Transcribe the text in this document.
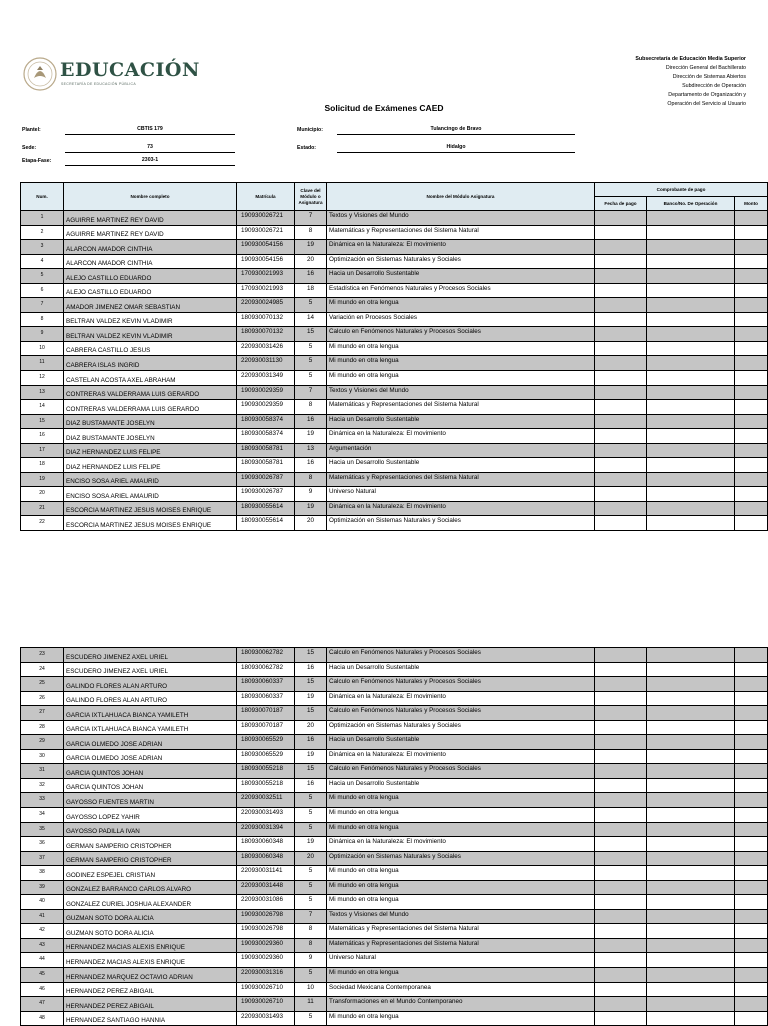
EDUCACIÓN
SECRETARÍA DE EDUCACIÓN PÚBLICA
Subsecretaría de Educación Media Superior
Dirección General del Bachillerato
Dirección de Sistemas Abiertos
Subdirección de Operación
Departamento de Organización y
Operación del Servicio al Usuario
Solicitud de Exámenes CAED
Plantel:	CBTIS 179
Sede:	73
Etapa-Fase:	2303-1
Municipio:	Tulancingo de Bravo
Estado:	Hidalgo
Num.	Nombre completo	Matrícula	Clave del Módulo o Asignatura	Nombre del Módulo Asignatura	Comprobante de pago		
					Fecha de pago	Banco/No. De Operación	Monto
1	AGUIRRE MARTINEZ REY DAVID	190930026721	7	Textos y Visiones del Mundo			
2	AGUIRRE MARTINEZ REY DAVID	190930026721	8	Matemáticas y Representaciones del Sistema Natural			
3	ALARCON AMADOR CINTHIA	190930054156	19	Dinámica en la Naturaleza: El movimiento			
4	ALARCON AMADOR CINTHIA	190930054156	20	Optimización en Sistemas Naturales y Sociales			
5	ALEJO CASTILLO EDUARDO	170930021993	16	Hacia un Desarrollo Sustentable			
6	ALEJO CASTILLO EDUARDO	170930021993	18	Estadística en Fenómenos Naturales y Procesos Sociales			
7	AMADOR JIMENEZ OMAR SEBASTIAN	220930024985	5	Mi mundo en otra lengua			
8	BELTRAN VALDEZ KEVIN VLADIMIR	180930070132	14	Variación en Procesos Sociales			
9	BELTRAN VALDEZ KEVIN VLADIMIR	180930070132	15	Calculo en Fenómenos Naturales y Procesos Sociales			
10	CABRERA CASTILLO JESUS	220930031426	5	Mi mundo en otra lengua			
11	CABRERA ISLAS INGRID	220930031130	5	Mi mundo en otra lengua			
12	CASTELAN ACOSTA AXEL ABRAHAM	220930031349	5	Mi mundo en otra lengua			
13	CONTRERAS VALDERRAMA LUIS GERARDO	190930029359	7	Textos y Visiones del Mundo			
14	CONTRERAS VALDERRAMA LUIS GERARDO	190930029359	8	Matemáticas y Representaciones del Sistema Natural			
15	DIAZ BUSTAMANTE JOSELYN	180930058374	16	Hacia un Desarrollo Sustentable			
16	DIAZ BUSTAMANTE JOSELYN	180930058374	19	Dinámica en la Naturaleza: El movimiento			
17	DIAZ HERNANDEZ LUIS FELIPE	180930058781	13	Argumentación			
18	DIAZ HERNANDEZ LUIS FELIPE	180930058781	16	Hacia un Desarrollo Sustentable			
19	ENCISO SOSA ARIEL AMAURID	190930026787	8	Matemáticas y Representaciones del Sistema Natural			
20	ENCISO SOSA ARIEL AMAURID	190930026787	9	Universo Natural			
21	ESCORCIA MARTINEZ JESUS MOISES ENRIQUE	180930055614	19	Dinámica en la Naturaleza: El movimiento			
22	ESCORCIA MARTINEZ JESUS MOISES ENRIQUE	180930055614	20	Optimización en Sistemas Naturales y Sociales			
23	ESCUDERO JIMENEZ AXEL URIEL	180930062782	15	Calculo en Fenómenos Naturales y Procesos Sociales			
24	ESCUDERO JIMENEZ AXEL URIEL	180930062782	16	Hacia un Desarrollo Sustentable			
25	GALINDO FLORES ALAN ARTURO	180930060337	15	Calculo en Fenómenos Naturales y Procesos Sociales			
26	GALINDO FLORES ALAN ARTURO	180930060337	19	Dinámica en la Naturaleza: El movimiento			
27	GARCIA IXTLAHUACA BIANCA YAMILETH	180930070187	15	Calculo en Fenómenos Naturales y Procesos Sociales			
28	GARCIA IXTLAHUACA BIANCA YAMILETH	180930070187	20	Optimización en Sistemas Naturales y Sociales			
29	GARCIA OLMEDO JOSE ADRIAN	180930065529	16	Hacia un Desarrollo Sustentable			
30	GARCIA OLMEDO JOSE ADRIAN	180930065529	19	Dinámica en la Naturaleza: El movimiento			
31	GARCIA QUINTOS JOHAN	180930055218	15	Calculo en Fenómenos Naturales y Procesos Sociales			
32	GARCIA QUINTOS JOHAN	180930055218	16	Hacia un Desarrollo Sustentable			
33	GAYOSSO FUENTES MARTIN	220930032511	5	Mi mundo en otra lengua			
34	GAYOSSO LOPEZ YAHIR	220930031493	5	Mi mundo en otra lengua			
35	GAYOSSO PADILLA IVAN	220930031394	5	Mi mundo en otra lengua			
36	GERMAN SAMPERIO CRISTOPHER	180930060348	19	Dinámica en la Naturaleza: El movimiento			
37	GERMAN SAMPERIO CRISTOPHER	180930060348	20	Optimización en Sistemas Naturales y Sociales			
38	GODINEZ ESPEJEL CRISTIAN	220930031141	5	Mi mundo en otra lengua			
39	GONZALEZ BARRANCO CARLOS ALVARO	220930031448	5	Mi mundo en otra lengua			
40	GONZALEZ CURIEL JOSHUA ALEXANDER	220930031086	5	Mi mundo en otra lengua			
41	GUZMAN SOTO DORA ALICIA	190930026798	7	Textos y Visiones del Mundo			
42	GUZMAN SOTO DORA ALICIA	190930026798	8	Matemáticas y Representaciones del Sistema Natural			
43	HERNANDEZ MACIAS ALEXIS ENRIQUE	190930029360	8	Matemáticas y Representaciones del Sistema Natural			
44	HERNANDEZ MACIAS ALEXIS ENRIQUE	190930029360	9	Universo Natural			
45	HERNANDEZ MARQUEZ OCTAVIO ADRIAN	220930031316	5	Mi mundo en otra lengua			
46	HERNANDEZ PEREZ ABIGAIL	190930026710	10	Sociedad Mexicana Contemporanea			
47	HERNANDEZ PEREZ ABIGAIL	190930026710	11	Transformaciones en el Mundo Contemporaneo			
48	HERNANDEZ SANTIAGO HANNIA	220930031493	5	Mi mundo en otra lengua			
